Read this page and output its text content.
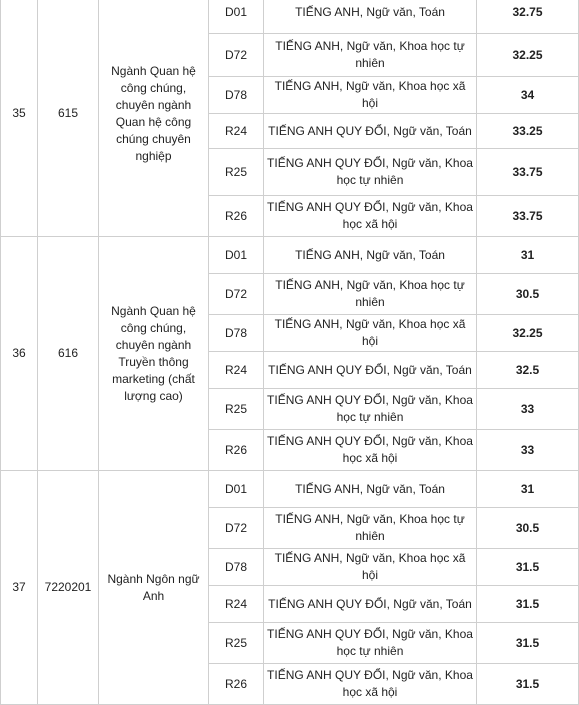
35	615	Ngành Quan hệ công chúng, chuyên ngành Quan hệ công chúng chuyên nghiệp	D01	TIẾNG ANH, Ngữ văn, Toán	32.75
			D72	TIẾNG ANH, Ngữ văn, Khoa học tự nhiên	32.25
			D78	TIẾNG ANH, Ngữ văn, Khoa học xã hội	34
			R24	TIẾNG ANH QUY ĐỔI, Ngữ văn, Toán	33.25
			R25	TIẾNG ANH QUY ĐỔI, Ngữ văn, Khoa học tự nhiên	33.75
			R26	TIẾNG ANH QUY ĐỔI, Ngữ văn, Khoa học xã hội	33.75
36	616	Ngành Quan hệ công chúng, chuyên ngành Truyền thông marketing (chất lượng cao)	D01	TIẾNG ANH, Ngữ văn, Toán	31
			D72	TIẾNG ANH, Ngữ văn, Khoa học tự nhiên	30.5
			D78	TIẾNG ANH, Ngữ văn, Khoa học xã hội	32.25
			R24	TIẾNG ANH QUY ĐỔI, Ngữ văn, Toán	32.5
			R25	TIẾNG ANH QUY ĐỔI, Ngữ văn, Khoa học tự nhiên	33
			R26	TIẾNG ANH QUY ĐỔI, Ngữ văn, Khoa học xã hội	33
37	7220201	Ngành Ngôn ngữ Anh	D01	TIẾNG ANH, Ngữ văn, Toán	31
			D72	TIẾNG ANH, Ngữ văn, Khoa học tự nhiên	30.5
			D78	TIẾNG ANH, Ngữ văn, Khoa học xã hội	31.5
			R24	TIẾNG ANH QUY ĐỔI, Ngữ văn, Toán	31.5
			R25	TIẾNG ANH QUY ĐỔI, Ngữ văn, Khoa học tự nhiên	31.5
			R26	TIẾNG ANH QUY ĐỔI, Ngữ văn, Khoa học xã hội	31.5
